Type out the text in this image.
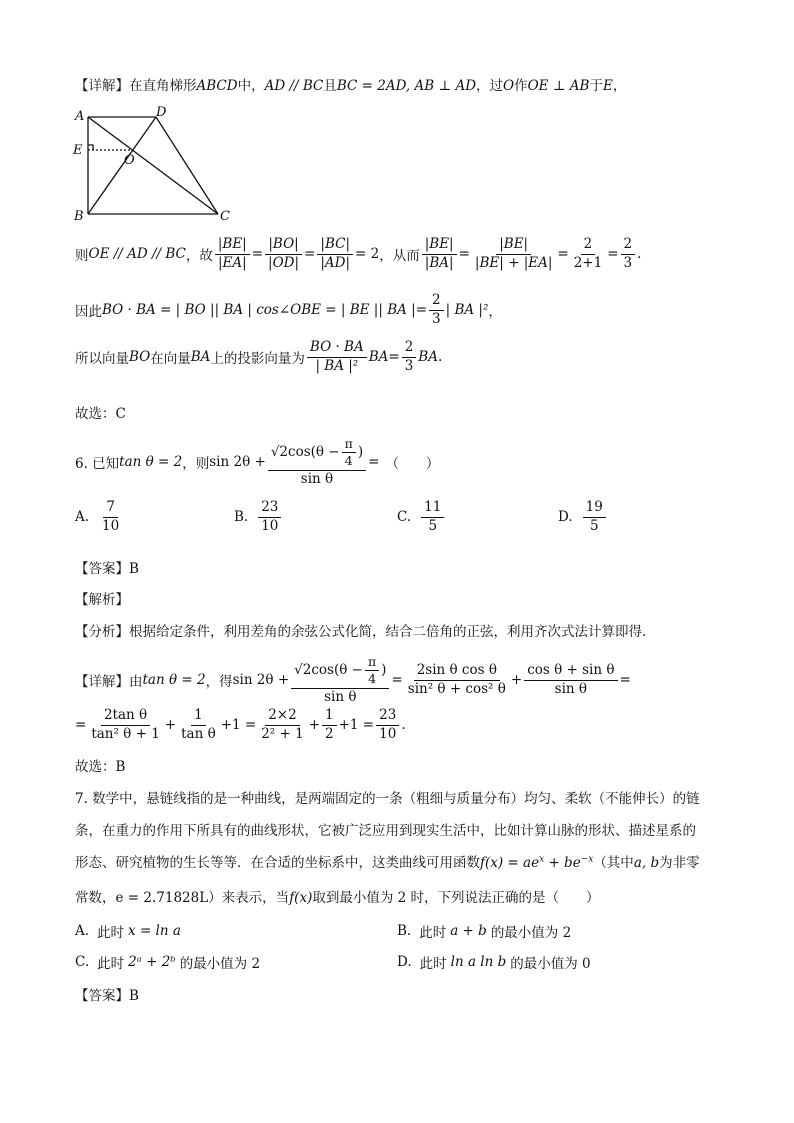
【详解】在直角梯形ABCD中，AD // BC且BC = 2AD, AB ⊥ AD，过O作OE ⊥ AB于E，
A	D
E
O
B	C
则 OE // AD // BC ，故 $\frac{|BE|}{|EA|} = \frac{|BO|}{|OD|} = \frac{|BC|}{|AD|} = 2$ ，从而 $\frac{|BE|}{|BA|} = \frac{|BE|}{|BE| + |EA|} = \frac{2}{2+1} = \frac{2}{3}$ .
因此 BO · BA = | BO || BA | cos∠OBE = | BE || BA |= $\frac{2}{3}$ | BA |² ，
所以向量 BO 在向量 BA 上的投影向量为 $\frac{BO \cdot BA}{\text{| BA |²}}$ BA = $\frac{2}{3}$ BA .
故选：C
6. 已知 tan θ = 2 ，则 $\sin 2\theta + \frac{√2\cos(\theta - \frac{\pi}{4} )}{\text{sin θ}}$ = （　　）
A. $\frac{7}{10}$	B. $\frac{23}{10}$	C. $\frac{11}{5}$	D. $\frac{19}{5}$
【答案】B
【解析】
【分析】根据给定条件，利用差角的余弦公式化简，结合二倍角的正弦，利用齐次式法计算即得.
【详解】 由 tan θ = 2 ，得 $\sin 2\theta + \frac{√2\cos(\theta - \frac{\pi}{4} )}{\text{sin θ}} = \frac{\text{2sin θ cos θ}}{\text{sin² θ + cos² θ}} + \frac{\text{cos θ + sin θ}}{\text{sin θ}}$ =
= $\frac{\text{2tan θ}}{\text{tan² θ + 1}} + \frac{1}{\text{tan θ}} +1 = \frac{2\times 2}{\text{2² + 1}} + \frac{1}{2} +1 = \frac{23}{10}$ .
故选：B
7. 数学中，悬链线指的是一种曲线，是两端固定的一条（粗细与质量分布）均匀、柔软（不能伸长）的链
条，在重力的作用下所具有的曲线形状，它被广泛应用到现实生活中，比如计算山脉的形状、描述星系的
形态、研究植物的生长等等．在合适的坐标系中，这类曲线可用函数$f(x) = ae^x + be^{-x}$（其中a, b为非零
常数，e = 2.71828L）来表示，当f(x)取到最小值为 2 时，下列说法正确的是（　　）
A. 此时 x = ln a	B. 此时 a + b 的最小值为 2
C. 此时 2ᵃ + 2ᵇ 的最小值为 2	D. 此时 ln a ln b 的最小值为 0
【答案】B
